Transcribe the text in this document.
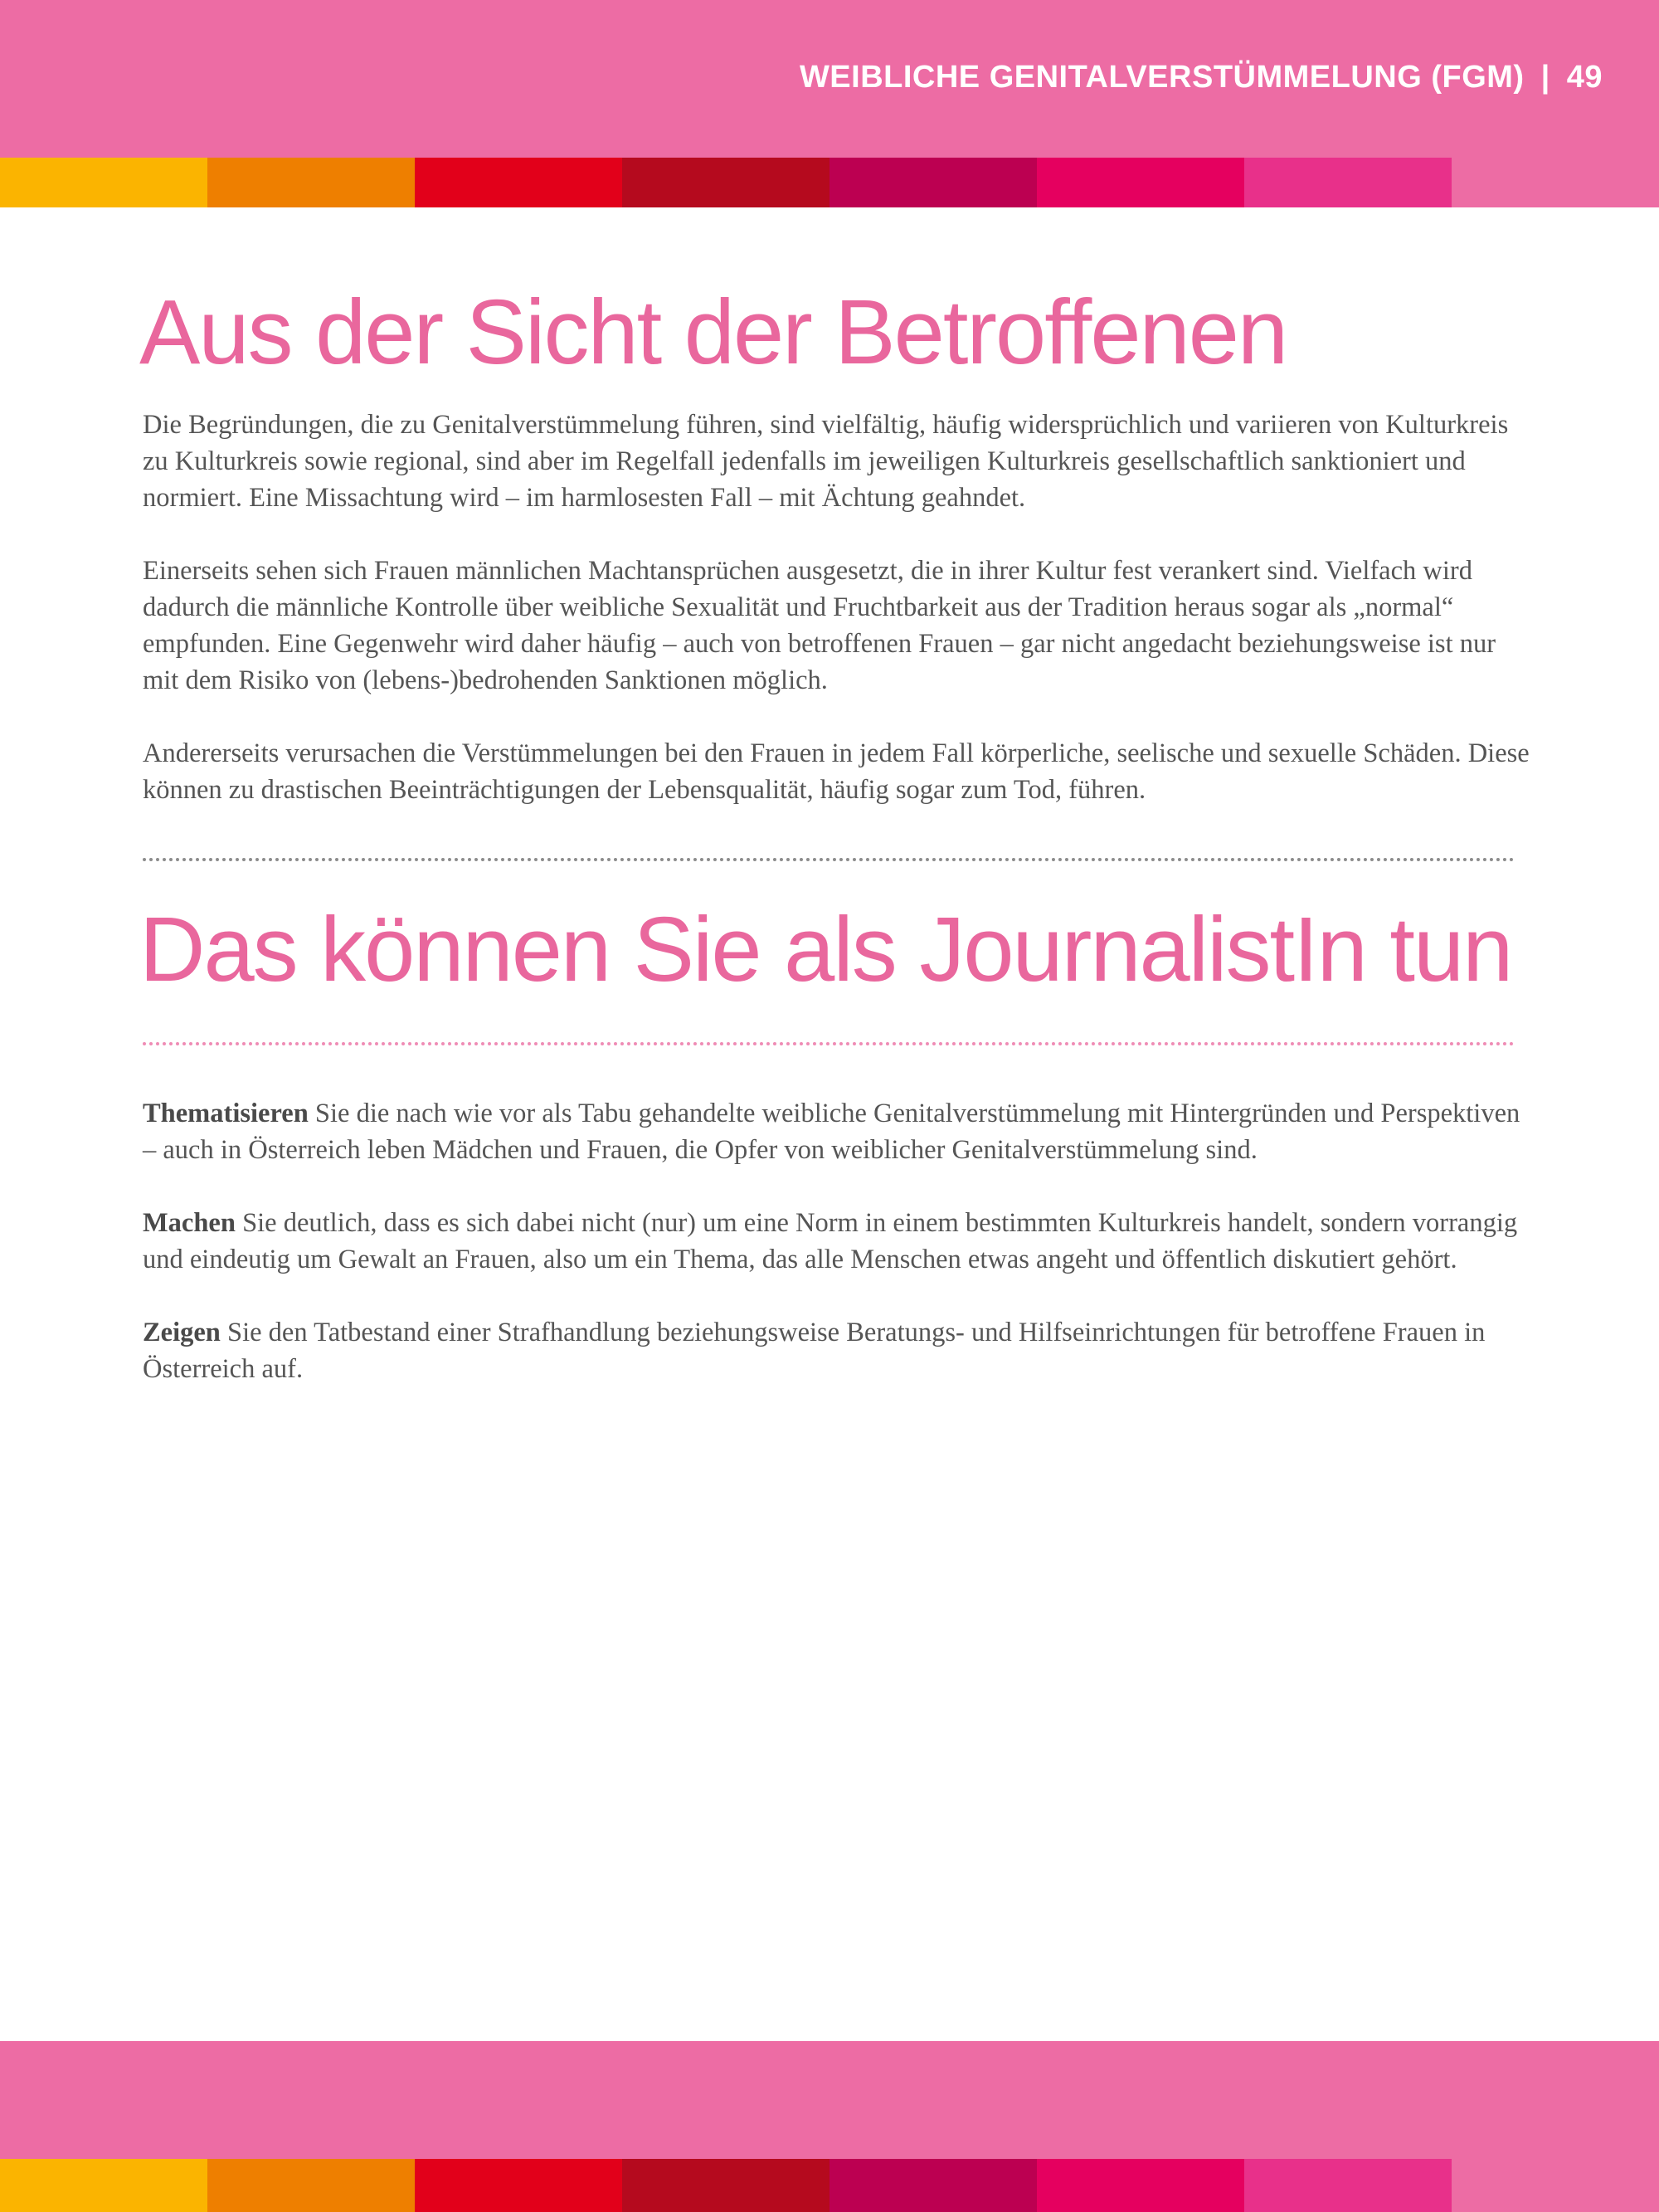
WEIBLICHE GENITALVERSTÜMMELUNG (FGM) | 49
Aus der Sicht der Betroffenen

Die Begründungen, die zu Genitalverstümmelung führen, sind vielfältig, häufig widersprüchlich und variieren von Kulturkreis zu Kulturkreis sowie regional, sind aber im Regelfall jedenfalls im jeweiligen Kulturkreis gesellschaftlich sanktioniert und normiert. Eine Missachtung wird – im harmlosesten Fall – mit Ächtung geahndet.

Einerseits sehen sich Frauen männlichen Machtansprüchen ausgesetzt, die in ihrer Kultur fest verankert sind. Vielfach wird dadurch die männliche Kontrolle über weibliche Sexualität und Fruchtbarkeit aus der Tradition heraus sogar als „normal“ empfunden. Eine Gegenwehr wird daher häufig – auch von betroffenen Frauen – gar nicht angedacht beziehungsweise ist nur mit dem Risiko von (lebens-)bedrohenden Sanktionen möglich.

Andererseits verursachen die Verstümmelungen bei den Frauen in jedem Fall körperliche, seelische und sexuelle Schäden. Diese können zu drastischen Beeinträchtigungen der Lebensqualität, häufig sogar zum Tod, führen.

Das können Sie als JournalistIn tun

Thematisieren Sie die nach wie vor als Tabu gehandelte weibliche Genitalverstümmelung mit Hintergründen und Perspektiven – auch in Österreich leben Mädchen und Frauen, die Opfer von weiblicher Genitalverstümmelung sind.

Machen Sie deutlich, dass es sich dabei nicht (nur) um eine Norm in einem bestimmten Kulturkreis handelt, sondern vorrangig und eindeutig um Gewalt an Frauen, also um ein Thema, das alle Menschen etwas angeht und öffentlich diskutiert gehört.

Zeigen Sie den Tatbestand einer Strafhandlung beziehungsweise Beratungs- und Hilfseinrichtungen für betroffene Frauen in Österreich auf.
